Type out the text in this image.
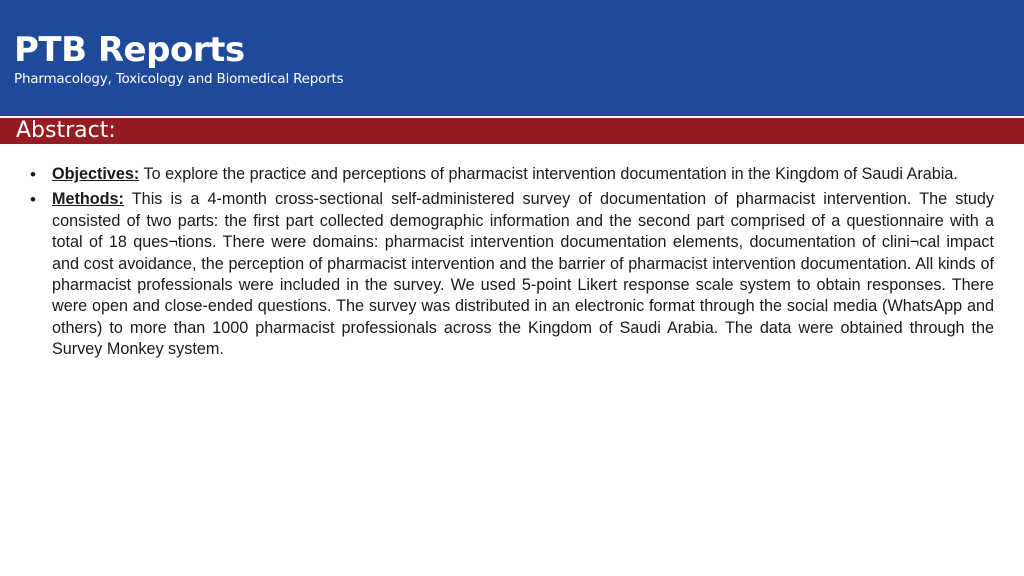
PTB Reports
Pharmacology, Toxicology and Biomedical Reports
Abstract:
• Objectives: To explore the practice and perceptions of pharmacist intervention documentation in the Kingdom of Saudi Arabia.

• Methods: This is a 4-month cross-sectional self-administered survey of documentation of pharmacist intervention. The study consisted of two parts: the first part collected demographic information and the second part comprised of a questionnaire with a total of 18 ques¬tions. There were domains: pharmacist intervention documentation elements, documentation of clini¬cal impact and cost avoidance, the perception of pharmacist intervention and the barrier of pharmacist intervention documentation. All kinds of pharmacist professionals were included in the survey. We used 5-point Likert response scale system to obtain responses. There were open and close-ended questions. The survey was distributed in an electronic format through the social media (WhatsApp and others) to more than 1000 pharmacist professionals across the Kingdom of Saudi Arabia. The data were obtained through the Survey Monkey system.
